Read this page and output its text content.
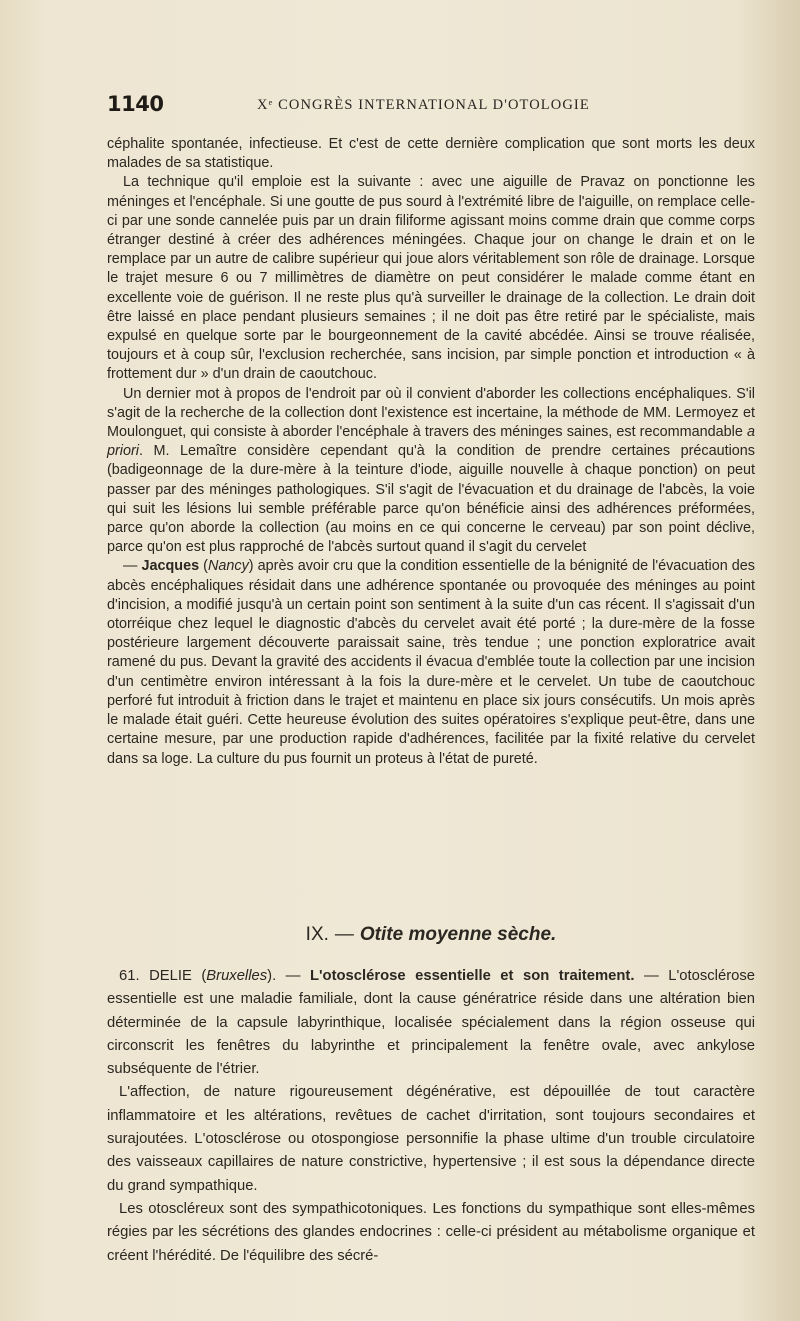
1140	Xᵉ CONGRÈS INTERNATIONAL D'OTOLOGIE

céphalite spontanée, infectieuse. Et c'est de cette dernière complication que sont morts les deux malades de sa statistique.

La technique qu'il emploie est la suivante : avec une aiguille de Pravaz on ponctionne les méninges et l'encéphale. Si une goutte de pus sourd à l'extrémité libre de l'aiguille, on remplace celle-ci par une sonde cannelée puis par un drain filiforme agissant moins comme drain que comme corps étranger destiné à créer des adhérences méningées. Chaque jour on change le drain et on le remplace par un autre de calibre supérieur qui joue alors véritablement son rôle de drainage. Lorsque le trajet mesure 6 ou 7 millimètres de diamètre on peut considérer le malade comme étant en excellente voie de guérison. Il ne reste plus qu'à surveiller le drainage de la collection. Le drain doit être laissé en place pendant plusieurs semaines ; il ne doit pas être retiré par le spécialiste, mais expulsé en quelque sorte par le bourgeonnement de la cavité abcédée. Ainsi se trouve réalisée, toujours et à coup sûr, l'exclusion recherchée, sans incision, par simple ponction et introduction « à frottement dur » d'un drain de caoutchouc.

Un dernier mot à propos de l'endroit par où il convient d'aborder les collections encéphaliques. S'il s'agit de la recherche de la collection dont l'existence est incertaine, la méthode de MM. Lermoyez et Moulonguet, qui consiste à aborder l'encéphale à travers des méninges saines, est recommandable a priori. M. Lemaître considère cependant qu'à la condition de prendre certaines précautions (badigeonnage de la dure-mère à la teinture d'iode, aiguille nouvelle à chaque ponction) on peut passer par des méninges pathologiques. S'il s'agit de l'évacuation et du drainage de l'abcès, la voie qui suit les lésions lui semble préférable parce qu'on bénéficie ainsi des adhérences préformées, parce qu'on aborde la collection (au moins en ce qui concerne le cerveau) par son point déclive, parce qu'on est plus rapproché de l'abcès surtout quand il s'agit du cervelet

— Jacques (Nancy) après avoir cru que la condition essentielle de la bénignité de l'évacuation des abcès encéphaliques résidait dans une adhérence spontanée ou provoquée des méninges au point d'incision, a modifié jusqu'à un certain point son sentiment à la suite d'un cas récent. Il s'agissait d'un otorréique chez lequel le diagnostic d'abcès du cervelet avait été porté ; la dure-mère de la fosse postérieure largement découverte paraissait saine, très tendue ; une ponction exploratrice avait ramené du pus. Devant la gravité des accidents il évacua d'emblée toute la collection par une incision d'un centimètre environ intéressant à la fois la dure-mère et le cervelet. Un tube de caoutchouc perforé fut introduit à friction dans le trajet et maintenu en place six jours consécutifs. Un mois après le malade était guéri. Cette heureuse évolution des suites opératoires s'explique peut-être, dans une certaine mesure, par une production rapide d'adhérences, facilitée par la fixité relative du cervelet dans sa loge. La culture du pus fournit un proteus à l'état de pureté.

IX. — Otite moyenne sèche.

61. DELIE (Bruxelles). — L'otosclérose essentielle et son traitement. — L'otosclérose essentielle est une maladie familiale, dont la cause génératrice réside dans une altération bien déterminée de la capsule labyrinthique, localisée spécialement dans la région osseuse qui circonscrit les fenêtres du labyrinthe et principalement la fenêtre ovale, avec ankylose subséquente de l'étrier.

L'affection, de nature rigoureusement dégénérative, est dépouillée de tout caractère inflammatoire et les altérations, revêtues de cachet d'irritation, sont toujours secondaires et surajoutées. L'otosclérose ou otospongiose personnifie la phase ultime d'un trouble circulatoire des vaisseaux capillaires de nature constrictive, hypertensive ; il est sous la dépendance directe du grand sympathique.

Les otoscléreux sont des sympathicotoniques. Les fonctions du sympathique sont elles-mêmes régies par les sécrétions des glandes endocrines : celle-ci président au métabolisme organique et créent l'hérédité. De l'équilibre des sécré-
